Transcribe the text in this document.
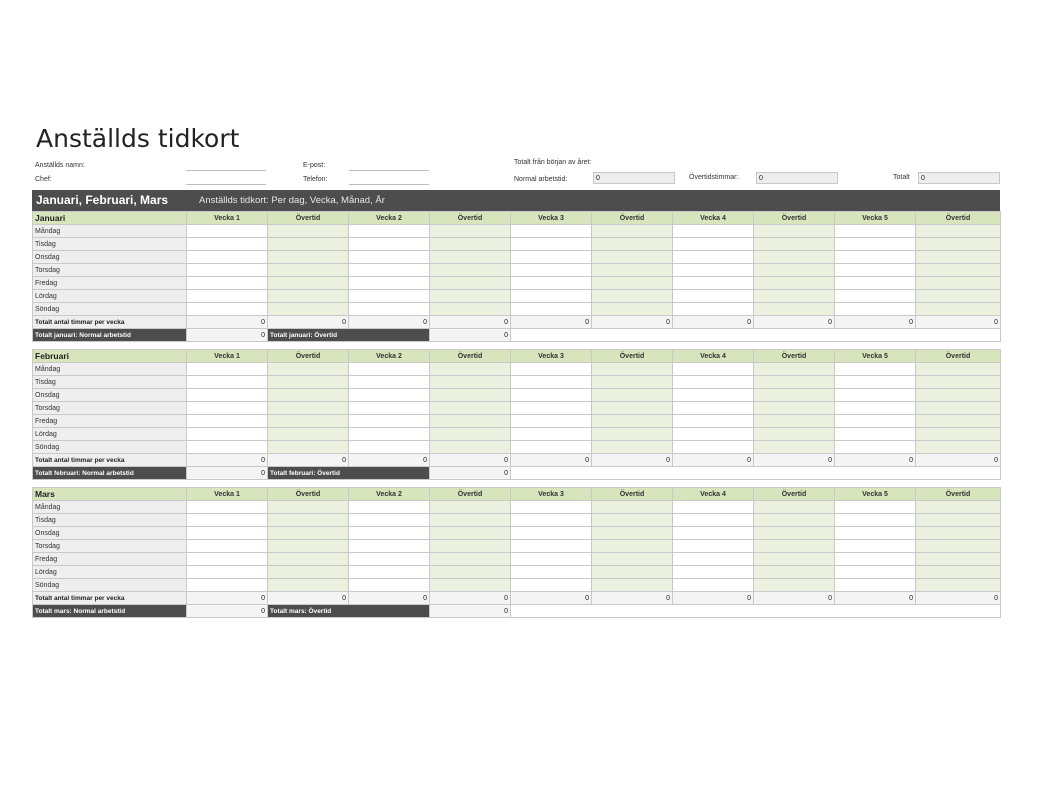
Anställds tidkort
Anställds namn:
Chef:
E-post:
Telefon:
Totalt från början av året:
Normal arbetstid:	0	Övertidstimmar:	0	Totalt	0
Januari, Februari, Mars	Anställds tidkort: Per dag, Vecka, Månad, År
Januari	Vecka 1	Övertid	Vecka 2	Övertid	Vecka 3	Övertid	Vecka 4	Övertid	Vecka 5	Övertid
Måndag										
Tisdag										
Onsdag										
Torsdag										
Fredag										
Lördag										
Söndag										
Totalt antal timmar per vecka	0	0	0	0	0	0	0	0	0	0
Totalt januari: Normal arbetstid	0	Totalt januari: Övertid		0						
Februari	Vecka 1	Övertid	Vecka 2	Övertid	Vecka 3	Övertid	Vecka 4	Övertid	Vecka 5	Övertid
Måndag										
Tisdag										
Onsdag										
Torsdag										
Fredag										
Lördag										
Söndag										
Totalt antal timmar per vecka	0	0	0	0	0	0	0	0	0	0
Totalt februari: Normal arbetstid	0	Totalt februari: Övertid		0						
Mars	Vecka 1	Övertid	Vecka 2	Övertid	Vecka 3	Övertid	Vecka 4	Övertid	Vecka 5	Övertid
Måndag										
Tisdag										
Onsdag										
Torsdag										
Fredag										
Lördag										
Söndag										
Totalt antal timmar per vecka	0	0	0	0	0	0	0	0	0	0
Totalt mars: Normal arbetstid	0	Totalt mars: Övertid		0						
